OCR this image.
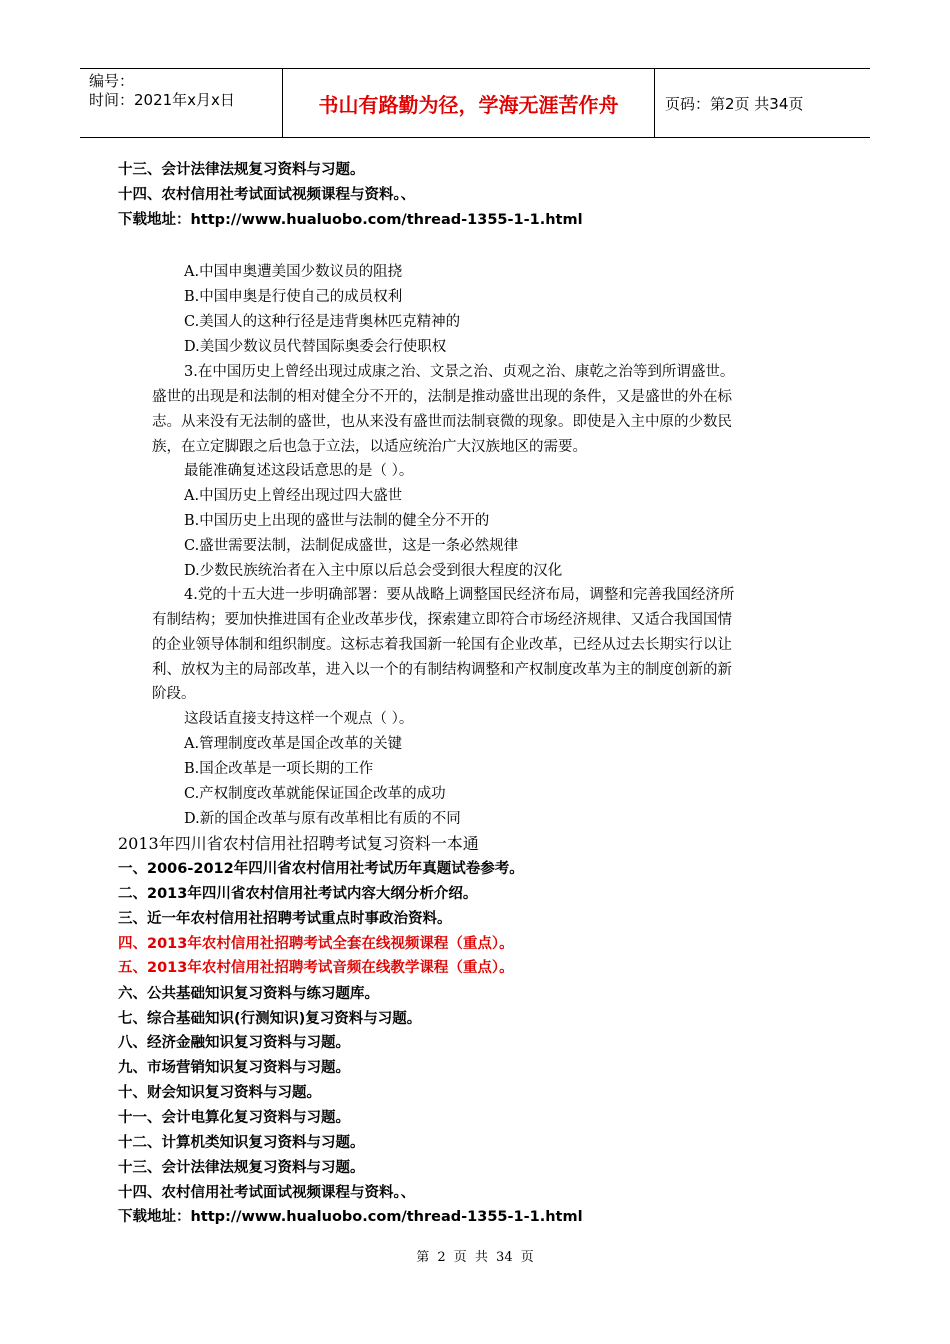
编号：
时间：2021年x月x日	书山有路勤为径，学海无涯苦作舟	页码：第2页 共34页
十三、会计法律法规复习资料与习题。
十四、农村信用社考试面试视频课程与资料。、
下载地址：http://www.hualuobo.com/thread-1355-1-1.html
A.中国申奥遭美国少数议员的阻挠
B.中国申奥是行使自己的成员权利
C.美国人的这种行径是违背奥林匹克精神的
D.美国少数议员代替国际奥委会行使职权
3.在中国历史上曾经出现过成康之治、文景之治、贞观之治、康乾之治等到所谓盛世。
盛世的出现是和法制的相对健全分不开的，法制是推动盛世出现的条件，又是盛世的外在标
志。从来没有无法制的盛世，也从来没有盛世而法制衰微的现象。即使是入主中原的少数民
族，在立定脚跟之后也急于立法，以适应统治广大汉族地区的需要。
最能准确复述这段话意思的是（ ）。
A.中国历史上曾经出现过四大盛世
B.中国历史上出现的盛世与法制的健全分不开的
C.盛世需要法制，法制促成盛世，这是一条必然规律
D.少数民族统治者在入主中原以后总会受到很大程度的汉化
4.党的十五大进一步明确部署：要从战略上调整国民经济布局，调整和完善我国经济所
有制结构；要加快推进国有企业改革步伐，探索建立即符合市场经济规律、又适合我国国情
的企业领导体制和组织制度。这标志着我国新一轮国有企业改革，已经从过去长期实行以让
利、放权为主的局部改革，进入以一个的有制结构调整和产权制度改革为主的制度创新的新
阶段。
这段话直接支持这样一个观点（ ）。
A.管理制度改革是国企改革的关键
B.国企改革是一项长期的工作
C.产权制度改革就能保证国企改革的成功
D.新的国企改革与原有改革相比有质的不同
2013年四川省农村信用社招聘考试复习资料一本通
一、2006-2012年四川省农村信用社考试历年真题试卷参考。
二、2013年四川省农村信用社考试内容大纲分析介绍。
三、近一年农村信用社招聘考试重点时事政治资料。
四、2013年农村信用社招聘考试全套在线视频课程（重点）。
五、2013年农村信用社招聘考试音频在线教学课程（重点）。
六、公共基础知识复习资料与练习题库。
七、综合基础知识(行测知识)复习资料与习题。
八、经济金融知识复习资料与习题。
九、市场营销知识复习资料与习题。
十、财会知识复习资料与习题。
十一、会计电算化复习资料与习题。
十二、计算机类知识复习资料与习题。
十三、会计法律法规复习资料与习题。
十四、农村信用社考试面试视频课程与资料。、
下载地址：http://www.hualuobo.com/thread-1355-1-1.html
第 2 页 共 34 页
